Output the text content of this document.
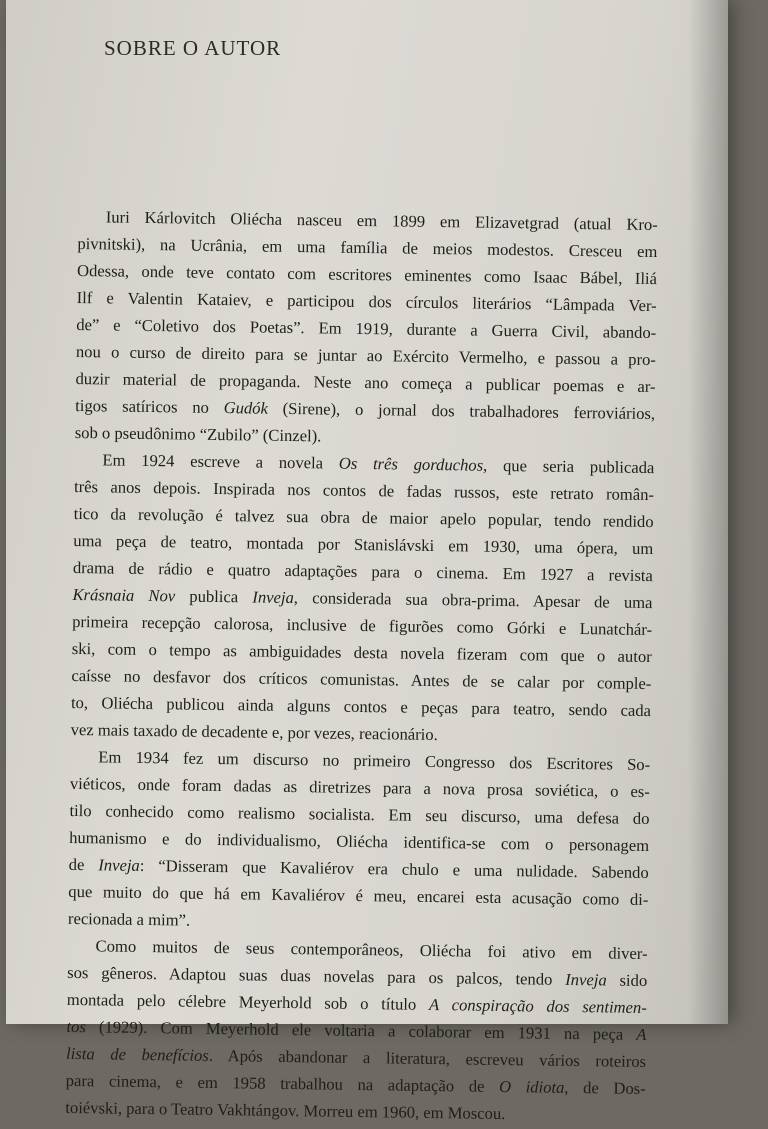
SOBRE O AUTOR
Iuri Kárlovitch Oliécha nasceu em 1899 em Elizavetgrad (atual Kro-
pivnitski), na Ucrânia, em uma família de meios modestos. Cresceu em
Odessa, onde teve contato com escritores eminentes como Isaac Bábel, Iliá
Ilf e Valentin Kataiev, e participou dos círculos literários “Lâmpada Ver-
de” e “Coletivo dos Poetas”. Em 1919, durante a Guerra Civil, abando-
nou o curso de direito para se juntar ao Exército Vermelho, e passou a pro-
duzir material de propaganda. Neste ano começa a publicar poemas e ar-
tigos satíricos no Gudók (Sirene), o jornal dos trabalhadores ferroviários,
sob o pseudônimo “Zubilo” (Cinzel).
Em 1924 escreve a novela Os três gorduchos, que seria publicada
três anos depois. Inspirada nos contos de fadas russos, este retrato român-
tico da revolução é talvez sua obra de maior apelo popular, tendo rendido
uma peça de teatro, montada por Stanislávski em 1930, uma ópera, um
drama de rádio e quatro adaptações para o cinema. Em 1927 a revista
Krásnaia Nov publica Inveja, considerada sua obra-prima. Apesar de uma
primeira recepção calorosa, inclusive de figurões como Górki e Lunatchár-
ski, com o tempo as ambiguidades desta novela fizeram com que o autor
caísse no desfavor dos críticos comunistas. Antes de se calar por comple-
to, Oliécha publicou ainda alguns contos e peças para teatro, sendo cada
vez mais taxado de decadente e, por vezes, reacionário.
Em 1934 fez um discurso no primeiro Congresso dos Escritores So-
viéticos, onde foram dadas as diretrizes para a nova prosa soviética, o es-
tilo conhecido como realismo socialista. Em seu discurso, uma defesa do
humanismo e do individualismo, Oliécha identifica-se com o personagem
de Inveja: “Disseram que Kavaliérov era chulo e uma nulidade. Sabendo
que muito do que há em Kavaliérov é meu, encarei esta acusação como di-
recionada a mim”.
Como muitos de seus contemporâneos, Oliécha foi ativo em diver-
sos gêneros. Adaptou suas duas novelas para os palcos, tendo Inveja sido
montada pelo célebre Meyerhold sob o título A conspiração dos sentimen-
tos (1929). Com Meyerhold ele voltaria a colaborar em 1931 na peça A
lista de benefícios. Após abandonar a literatura, escreveu vários roteiros
para cinema, e em 1958 trabalhou na adaptação de O idiota, de Dos-
toiévski, para o Teatro Vakhtángov. Morreu em 1960, em Moscou.
